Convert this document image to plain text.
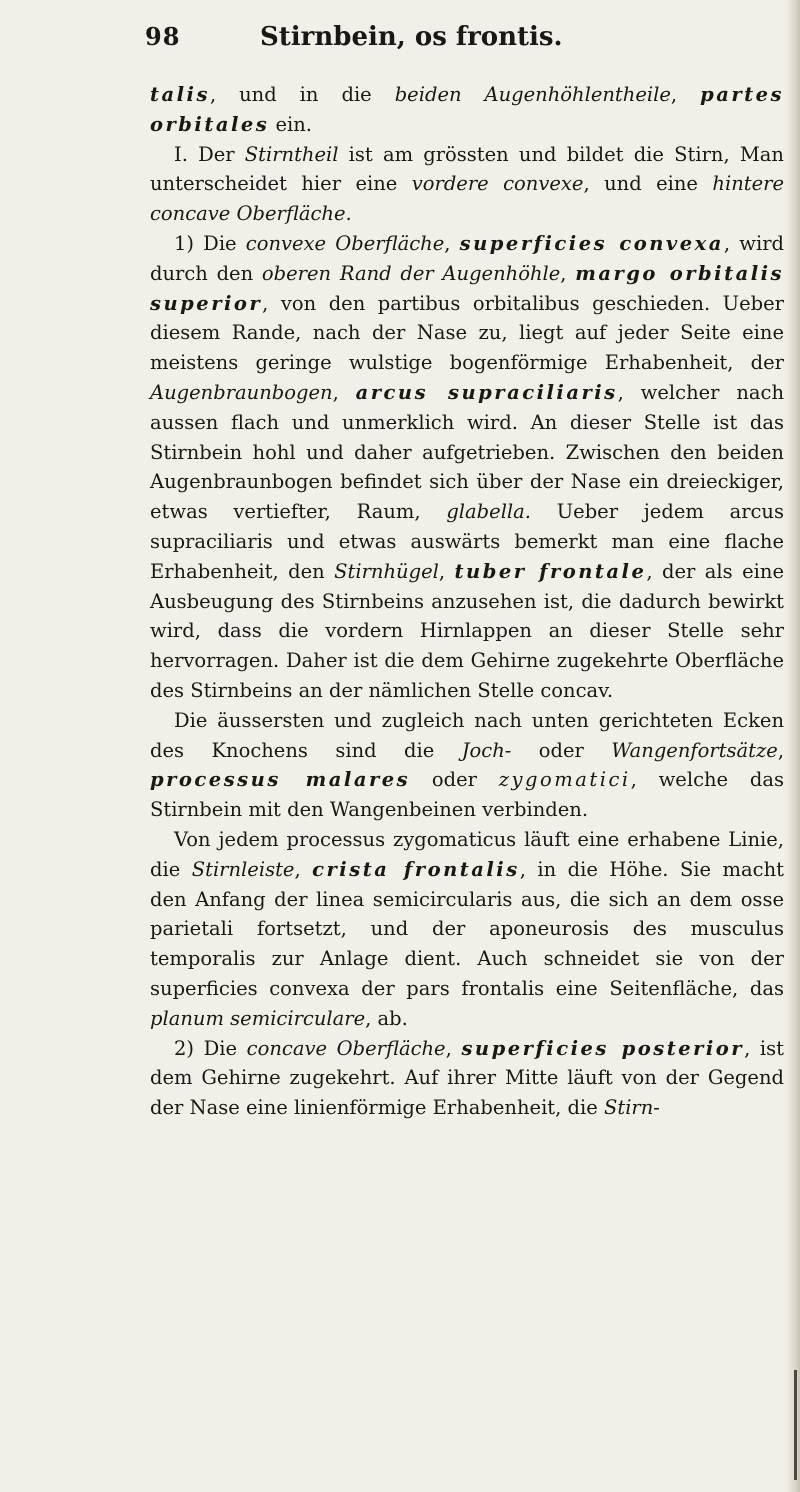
98	Stirnbein, os frontis.

talis, und in die beiden Augenhöhlentheile, partes orbitales ein.

I. Der Stirntheil ist am grössten und bildet die Stirn, Man unterscheidet hier eine vordere convexe, und eine hintere concave Oberfläche.

1) Die convexe Oberfläche, superficies convexa, wird durch den oberen Rand der Augenhöhle, margo orbitalis superior, von den partibus orbitalibus geschieden. Ueber diesem Rande, nach der Nase zu, liegt auf jeder Seite eine meistens geringe wulstige bogenförmige Erhabenheit, der Augenbraunbogen, arcus supraciliaris, welcher nach aussen flach und unmerklich wird. An dieser Stelle ist das Stirnbein hohl und daher aufgetrieben. Zwischen den beiden Augenbraunbogen befindet sich über der Nase ein dreieckiger, etwas vertiefter, Raum, glabella. Ueber jedem arcus supraciliaris und etwas auswärts bemerkt man eine flache Erhabenheit, den Stirnhügel, tuber frontale, der als eine Ausbeugung des Stirnbeins anzusehen ist, die dadurch bewirkt wird, dass die vordern Hirnlappen an dieser Stelle sehr hervorragen. Daher ist die dem Gehirne zugekehrte Oberfläche des Stirnbeins an der nämlichen Stelle concav.

Die äussersten und zugleich nach unten gerichteten Ecken des Knochens sind die Joch- oder Wangenfortsätze, processus malares oder zygomatici, welche das Stirnbein mit den Wangenbeinen verbinden.

Von jedem processus zygomaticus läuft eine erhabene Linie, die Stirnleiste, crista frontalis, in die Höhe. Sie macht den Anfang der linea semicircularis aus, die sich an dem osse parietali fortsetzt, und der aponeurosis des musculus temporalis zur Anlage dient. Auch schneidet sie von der superficies convexa der pars frontalis eine Seitenfläche, das planum semicirculare, ab.

2) Die concave Oberfläche, superficies posterior, ist dem Gehirne zugekehrt. Auf ihrer Mitte läuft von der Gegend der Nase eine linienförmige Erhabenheit, die Stirn-
